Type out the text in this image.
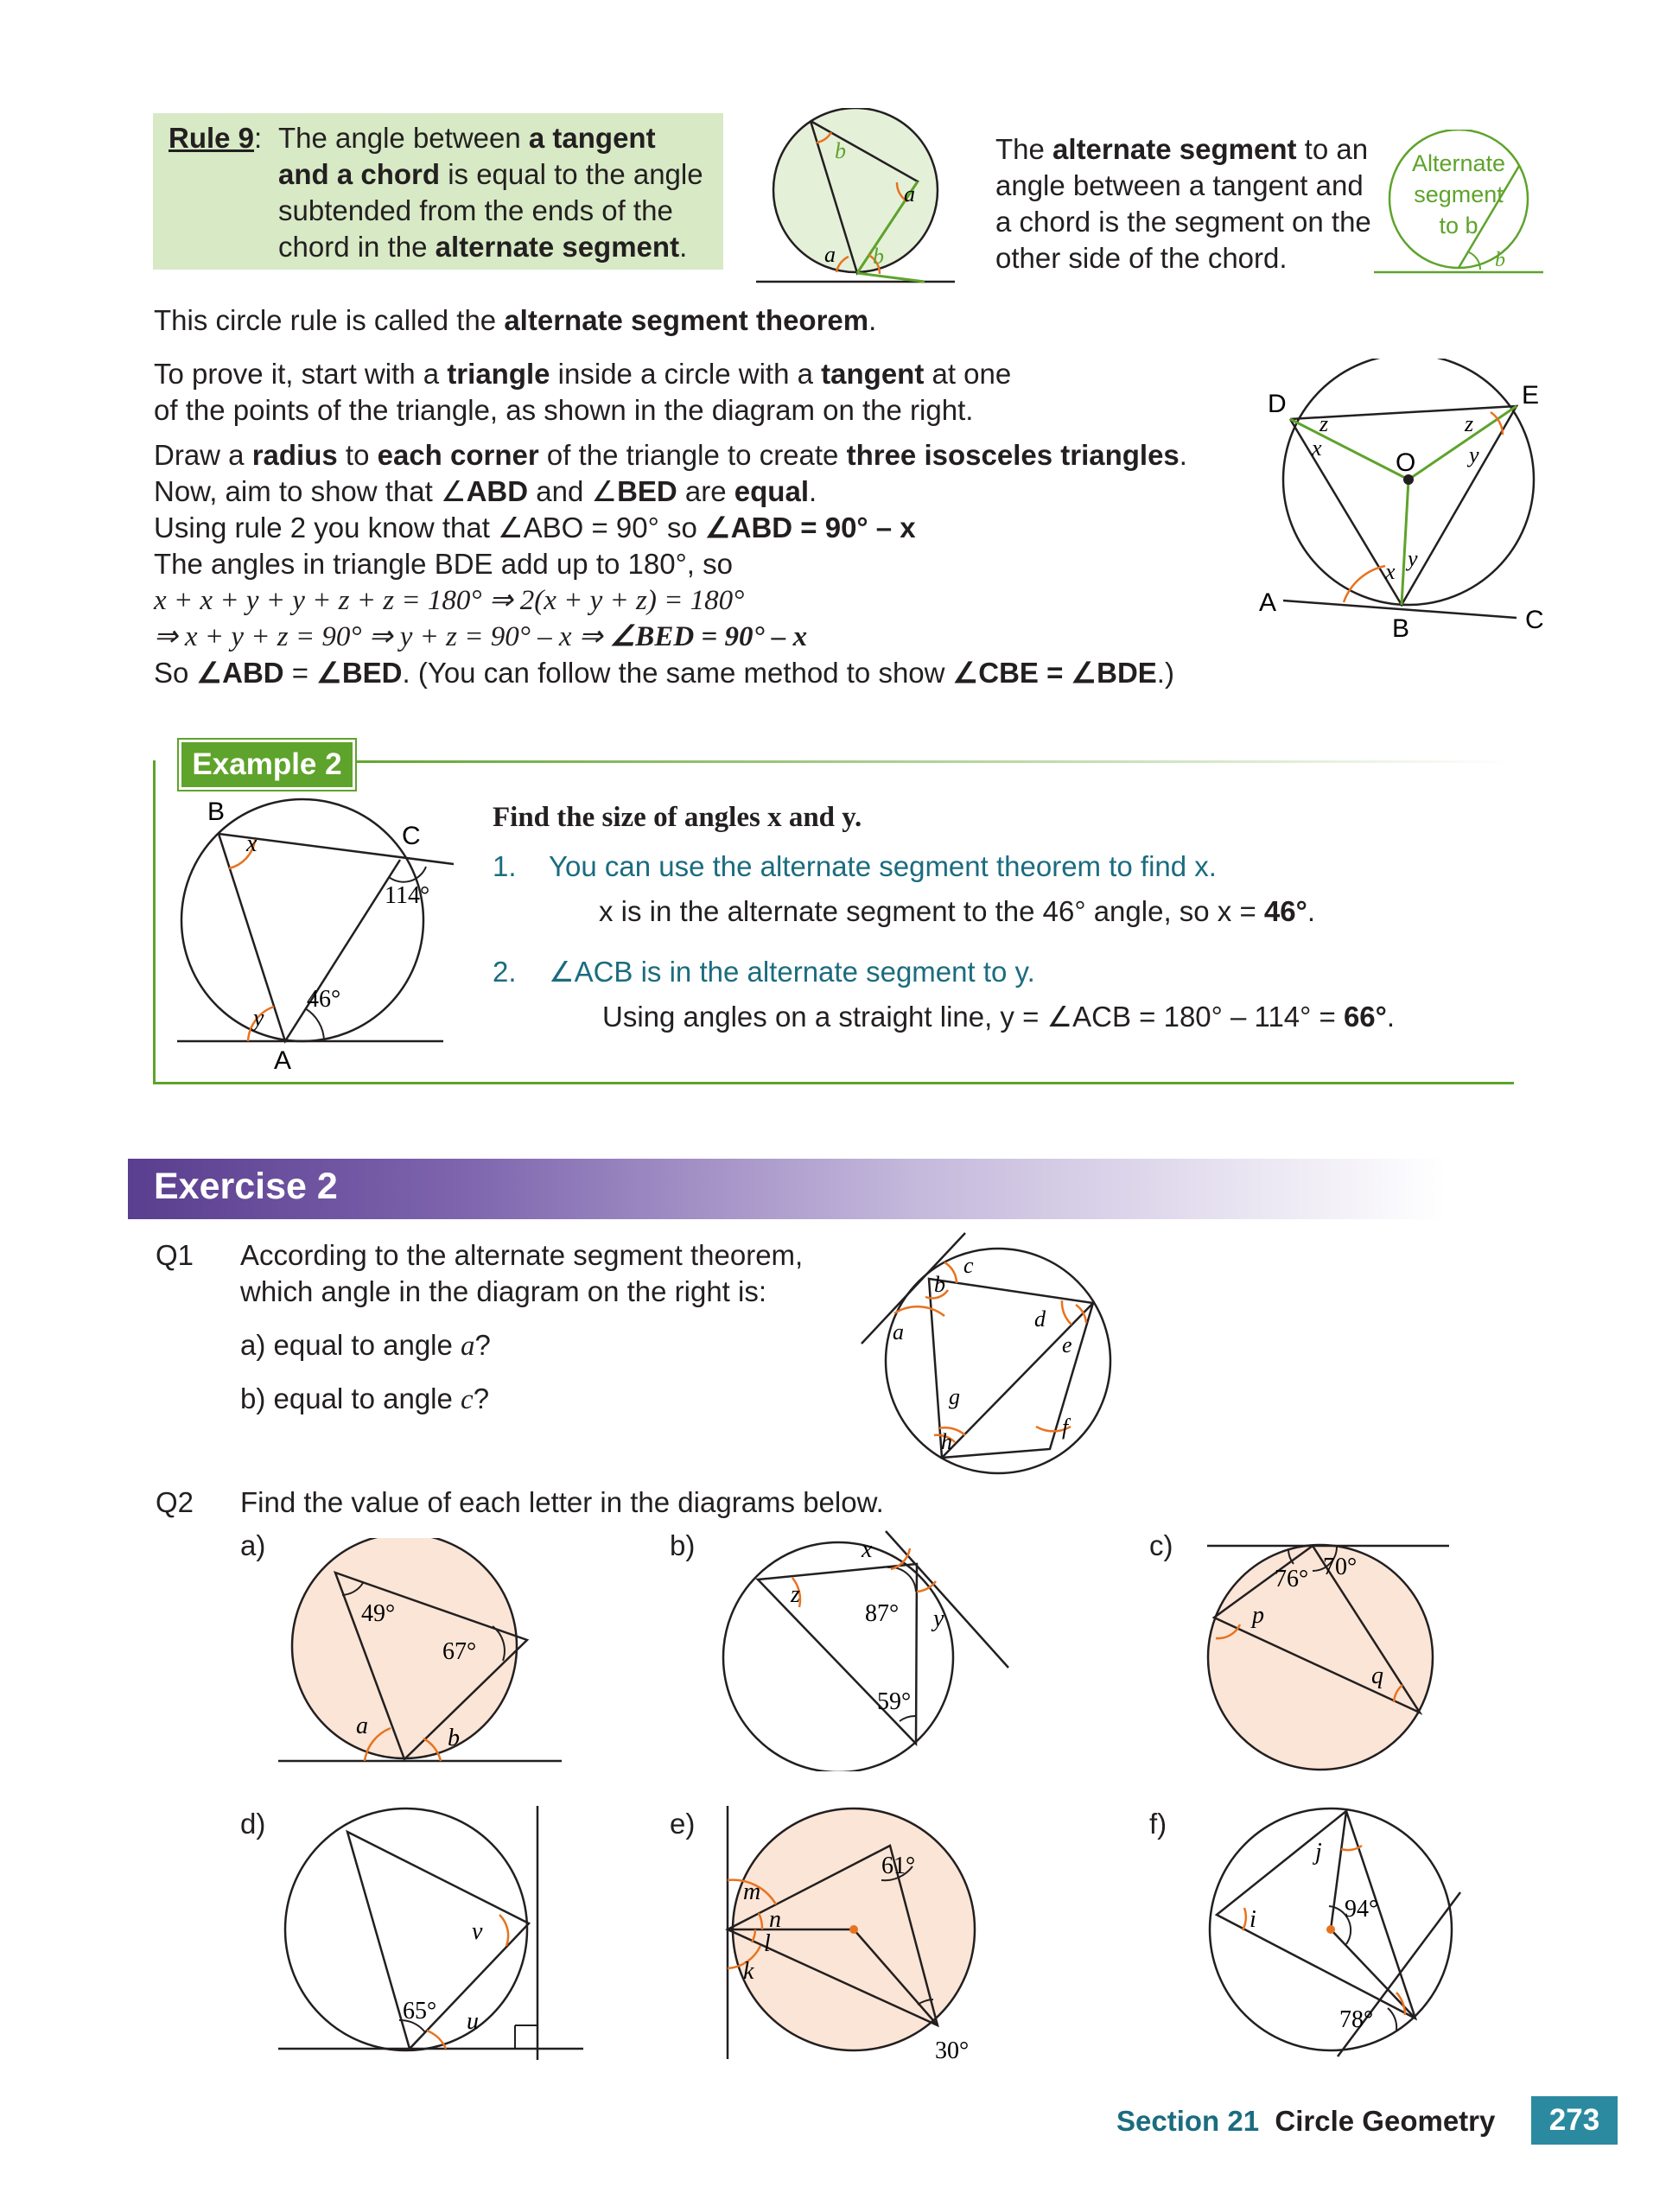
Rule 9: The angle between a tangent and a chord is equal to the angle subtended from the ends of the chord in the alternate segment.
b
a
a b
The alternate segment to an angle between a tangent and a chord is the segment on the other side of the chord.
Alternate
segment
to b
b
This circle rule is called the alternate segment theorem.
To prove it, start with a triangle inside a circle with a tangent at one
of the points of the triangle, as shown in the diagram on the right.
Draw a radius to each corner of the triangle to create three isosceles triangles.
Now, aim to show that ∠ABD and ∠BED are equal.
Using rule 2 you know that ∠ABO = 90° so ∠ABD = 90° – x
The angles in triangle BDE add up to 180°, so
x + x + y + y + z + z = 180° ⇒ 2(x + y + z) = 180°
⇒ x + y + z = 90° ⇒ y + z = 90° – x ⇒ ∠BED = 90° – x
So ∠ABD = ∠BED. (You can follow the same method to show ∠CBE = ∠BDE.)
D	E
O
A
B	C
z
x
z
y
x
y
Example 2
B
C
A
x
y
114°
46°
Find the size of angles x and y.
1. You can use the alternate segment theorem to find x.
x is in the alternate segment to the 46° angle, so x = 46°.
2. ∠ACB is in the alternate segment to y.
Using angles on a straight line, y = ∠ACB = 180° – 114° = 66°.
Exercise 2
Q1 According to the alternate segment theorem,
which angle in the diagram on the right is:
a) equal to angle a?
b) equal to angle c?
a
b
c
d
e
f
g
h
Q2 Find the value of each letter in the diagrams below.
a)	b)	c)
d)	e)	f)
49°
67°
a	b
x
z
87° y
59°
76° 70°
p
q
v
65° u
61°
m
n
l
k
30°
j
94°
i
78°
Section 21 Circle Geometry	273
